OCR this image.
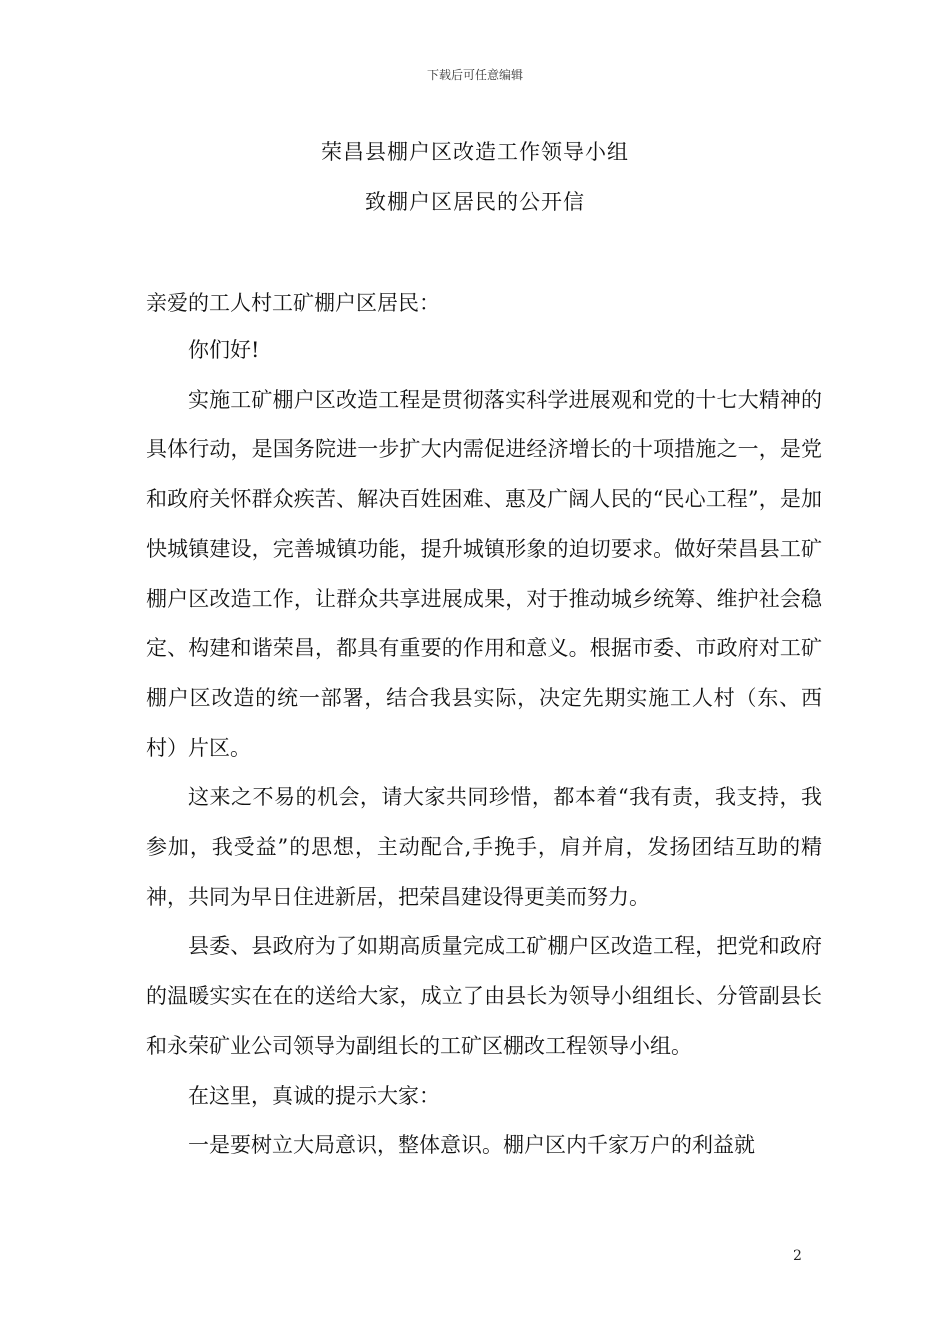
下载后可任意编辑
荣昌县棚户区改造工作领导小组
致棚户区居民的公开信
亲爱的工人村工矿棚户区居民：

你们好!

实施工矿棚户区改造工程是贯彻落实科学进展观和党的十七大精神的具体行动，是国务院进一步扩大内需促进经济增长的十项措施之一，是党和政府关怀群众疾苦、解决百姓困难、惠及广阔人民的“民心工程”，是加快城镇建设，完善城镇功能，提升城镇形象的迫切要求。做好荣昌县工矿棚户区改造工作，让群众共享进展成果，对于推动城乡统筹、维护社会稳定、构建和谐荣昌，都具有重要的作用和意义。根据市委、市政府对工矿棚户区改造的统一部署，结合我县实际，决定先期实施工人村（东、西村）片区。

这来之不易的机会，请大家共同珍惜，都本着“我有责，我支持，我参加，我受益”的思想，主动配合,手挽手，肩并肩，发扬团结互助的精神，共同为早日住进新居，把荣昌建设得更美而努力。

县委、县政府为了如期高质量完成工矿棚户区改造工程，把党和政府的温暖实实在在的送给大家，成立了由县长为领导小组组长、分管副县长和永荣矿业公司领导为副组长的工矿区棚改工程领导小组。

在这里，真诚的提示大家：

一是要树立大局意识，整体意识。棚户区内千家万户的利益就

2
